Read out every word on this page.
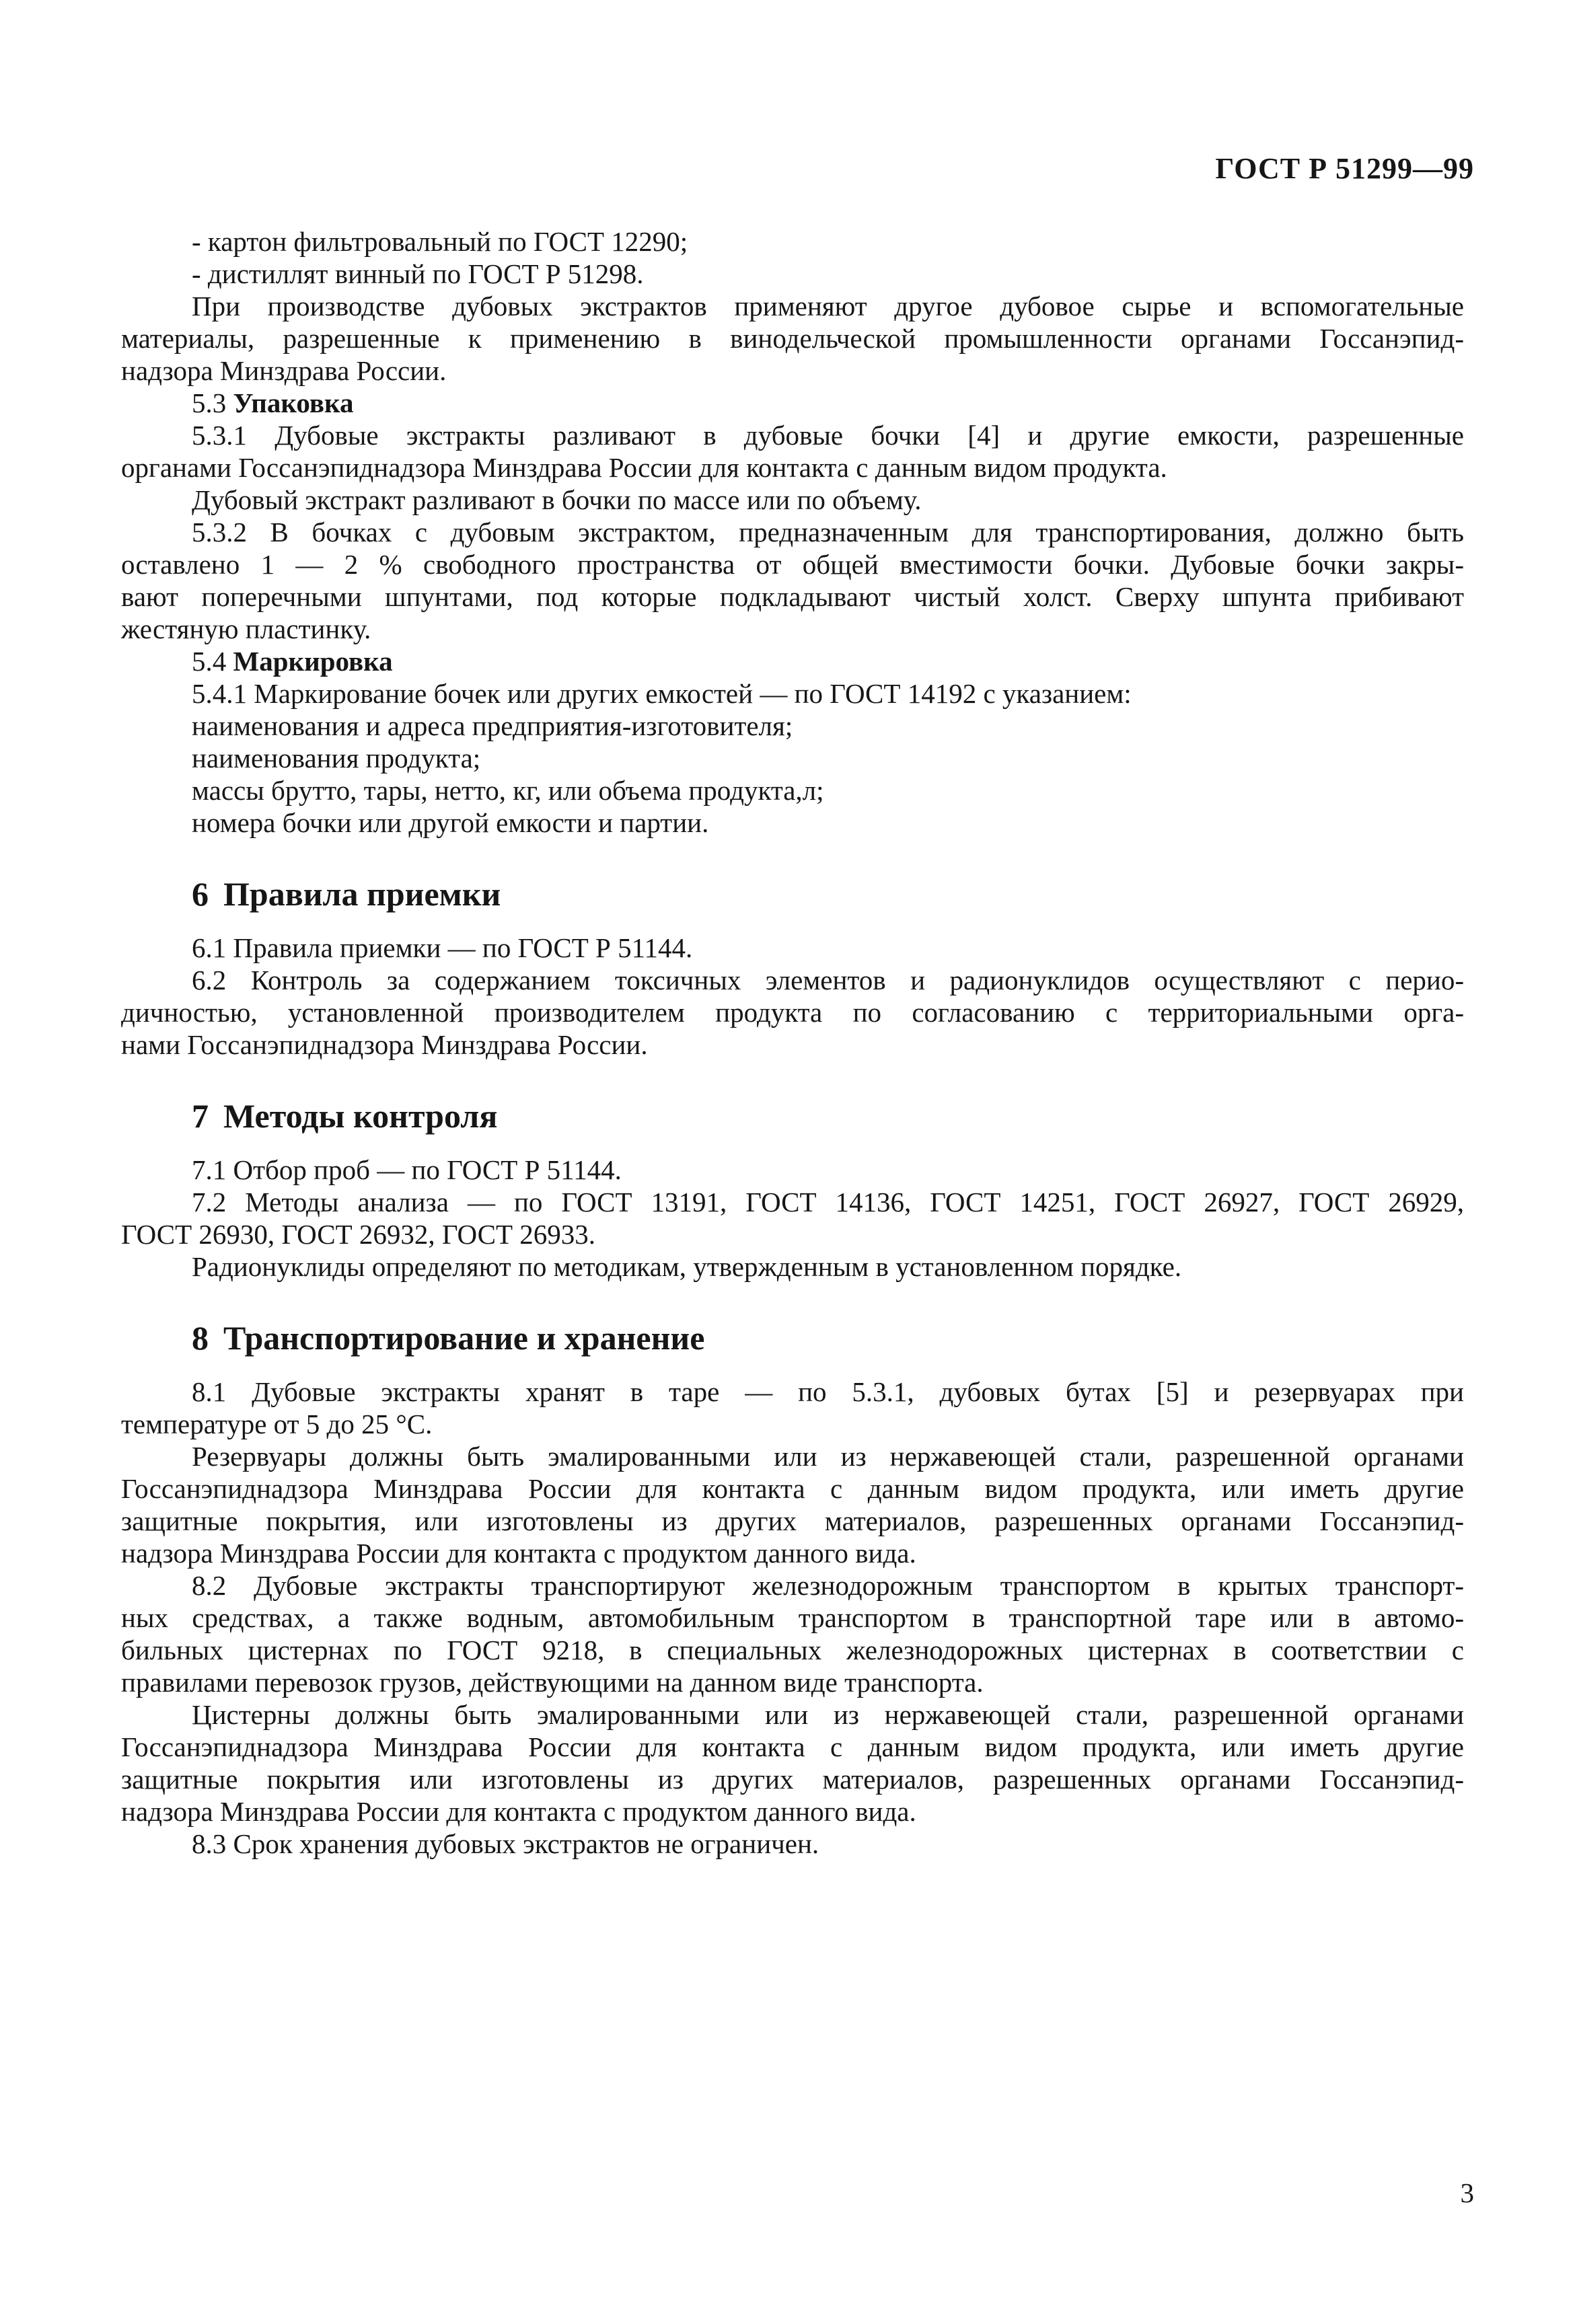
ГОСТ Р 51299—99
- картон фильтровальный по ГОСТ 12290;
- дистиллят винный по ГОСТ Р 51298.
При производстве дубовых экстрактов применяют другое дубовое сырье и вспомогательные
материалы, разрешенные к применению в винодельческой промышленности органами Госсанэпид-
надзора Минздрава России.
5.3 Упаковка
5.3.1 Дубовые экстракты разливают в дубовые бочки [4] и другие емкости, разрешенные
органами Госсанэпиднадзора Минздрава России для контакта с данным видом продукта.
Дубовый экстракт разливают в бочки по массе или по объему.
5.3.2 В бочках с дубовым экстрактом, предназначенным для транспортирования, должно быть
оставлено 1 — 2 % свободного пространства от общей вместимости бочки. Дубовые бочки закры-
вают поперечными шпунтами, под которые подкладывают чистый холст. Сверху шпунта прибивают
жестяную пластинку.
5.4 Маркировка
5.4.1 Маркирование бочек или других емкостей — по ГОСТ 14192 с указанием:
наименования и адреса предприятия-изготовителя;
наименования продукта;
массы брутто, тары, нетто, кг, или объема продукта,л;
номера бочки или другой емкости и партии.
6 Правила приемки
6.1 Правила приемки — по ГОСТ Р 51144.
6.2 Контроль за содержанием токсичных элементов и радионуклидов осуществляют с перио-
дичностью, установленной производителем продукта по согласованию с территориальными орга-
нами Госсанэпиднадзора Минздрава России.
7 Методы контроля
7.1 Отбор проб — по ГОСТ Р 51144.
7.2 Методы анализа — по ГОСТ 13191, ГОСТ 14136, ГОСТ 14251, ГОСТ 26927, ГОСТ 26929,
ГОСТ 26930, ГОСТ 26932, ГОСТ 26933.
Радионуклиды определяют по методикам, утвержденным в установленном порядке.
8 Транспортирование и хранение
8.1 Дубовые экстракты хранят в таре — по 5.3.1, дубовых бутах [5] и резервуарах при
температуре от 5 до 25 °С.
Резервуары должны быть эмалированными или из нержавеющей стали, разрешенной органами
Госсанэпиднадзора Минздрава России для контакта с данным видом продукта, или иметь другие
защитные покрытия, или изготовлены из других материалов, разрешенных органами Госсанэпид-
надзора Минздрава России для контакта с продуктом данного вида.
8.2 Дубовые экстракты транспортируют железнодорожным транспортом в крытых транспорт-
ных средствах, а также водным, автомобильным транспортом в транспортной таре или в автомо-
бильных цистернах по ГОСТ 9218, в специальных железнодорожных цистернах в соответствии с
правилами перевозок грузов, действующими на данном виде транспорта.
Цистерны должны быть эмалированными или из нержавеющей стали, разрешенной органами
Госсанэпиднадзора Минздрава России для контакта с данным видом продукта, или иметь другие
защитные покрытия или изготовлены из других материалов, разрешенных органами Госсанэпид-
надзора Минздрава России для контакта с продуктом данного вида.
8.3 Срок хранения дубовых экстрактов не ограничен.
3
